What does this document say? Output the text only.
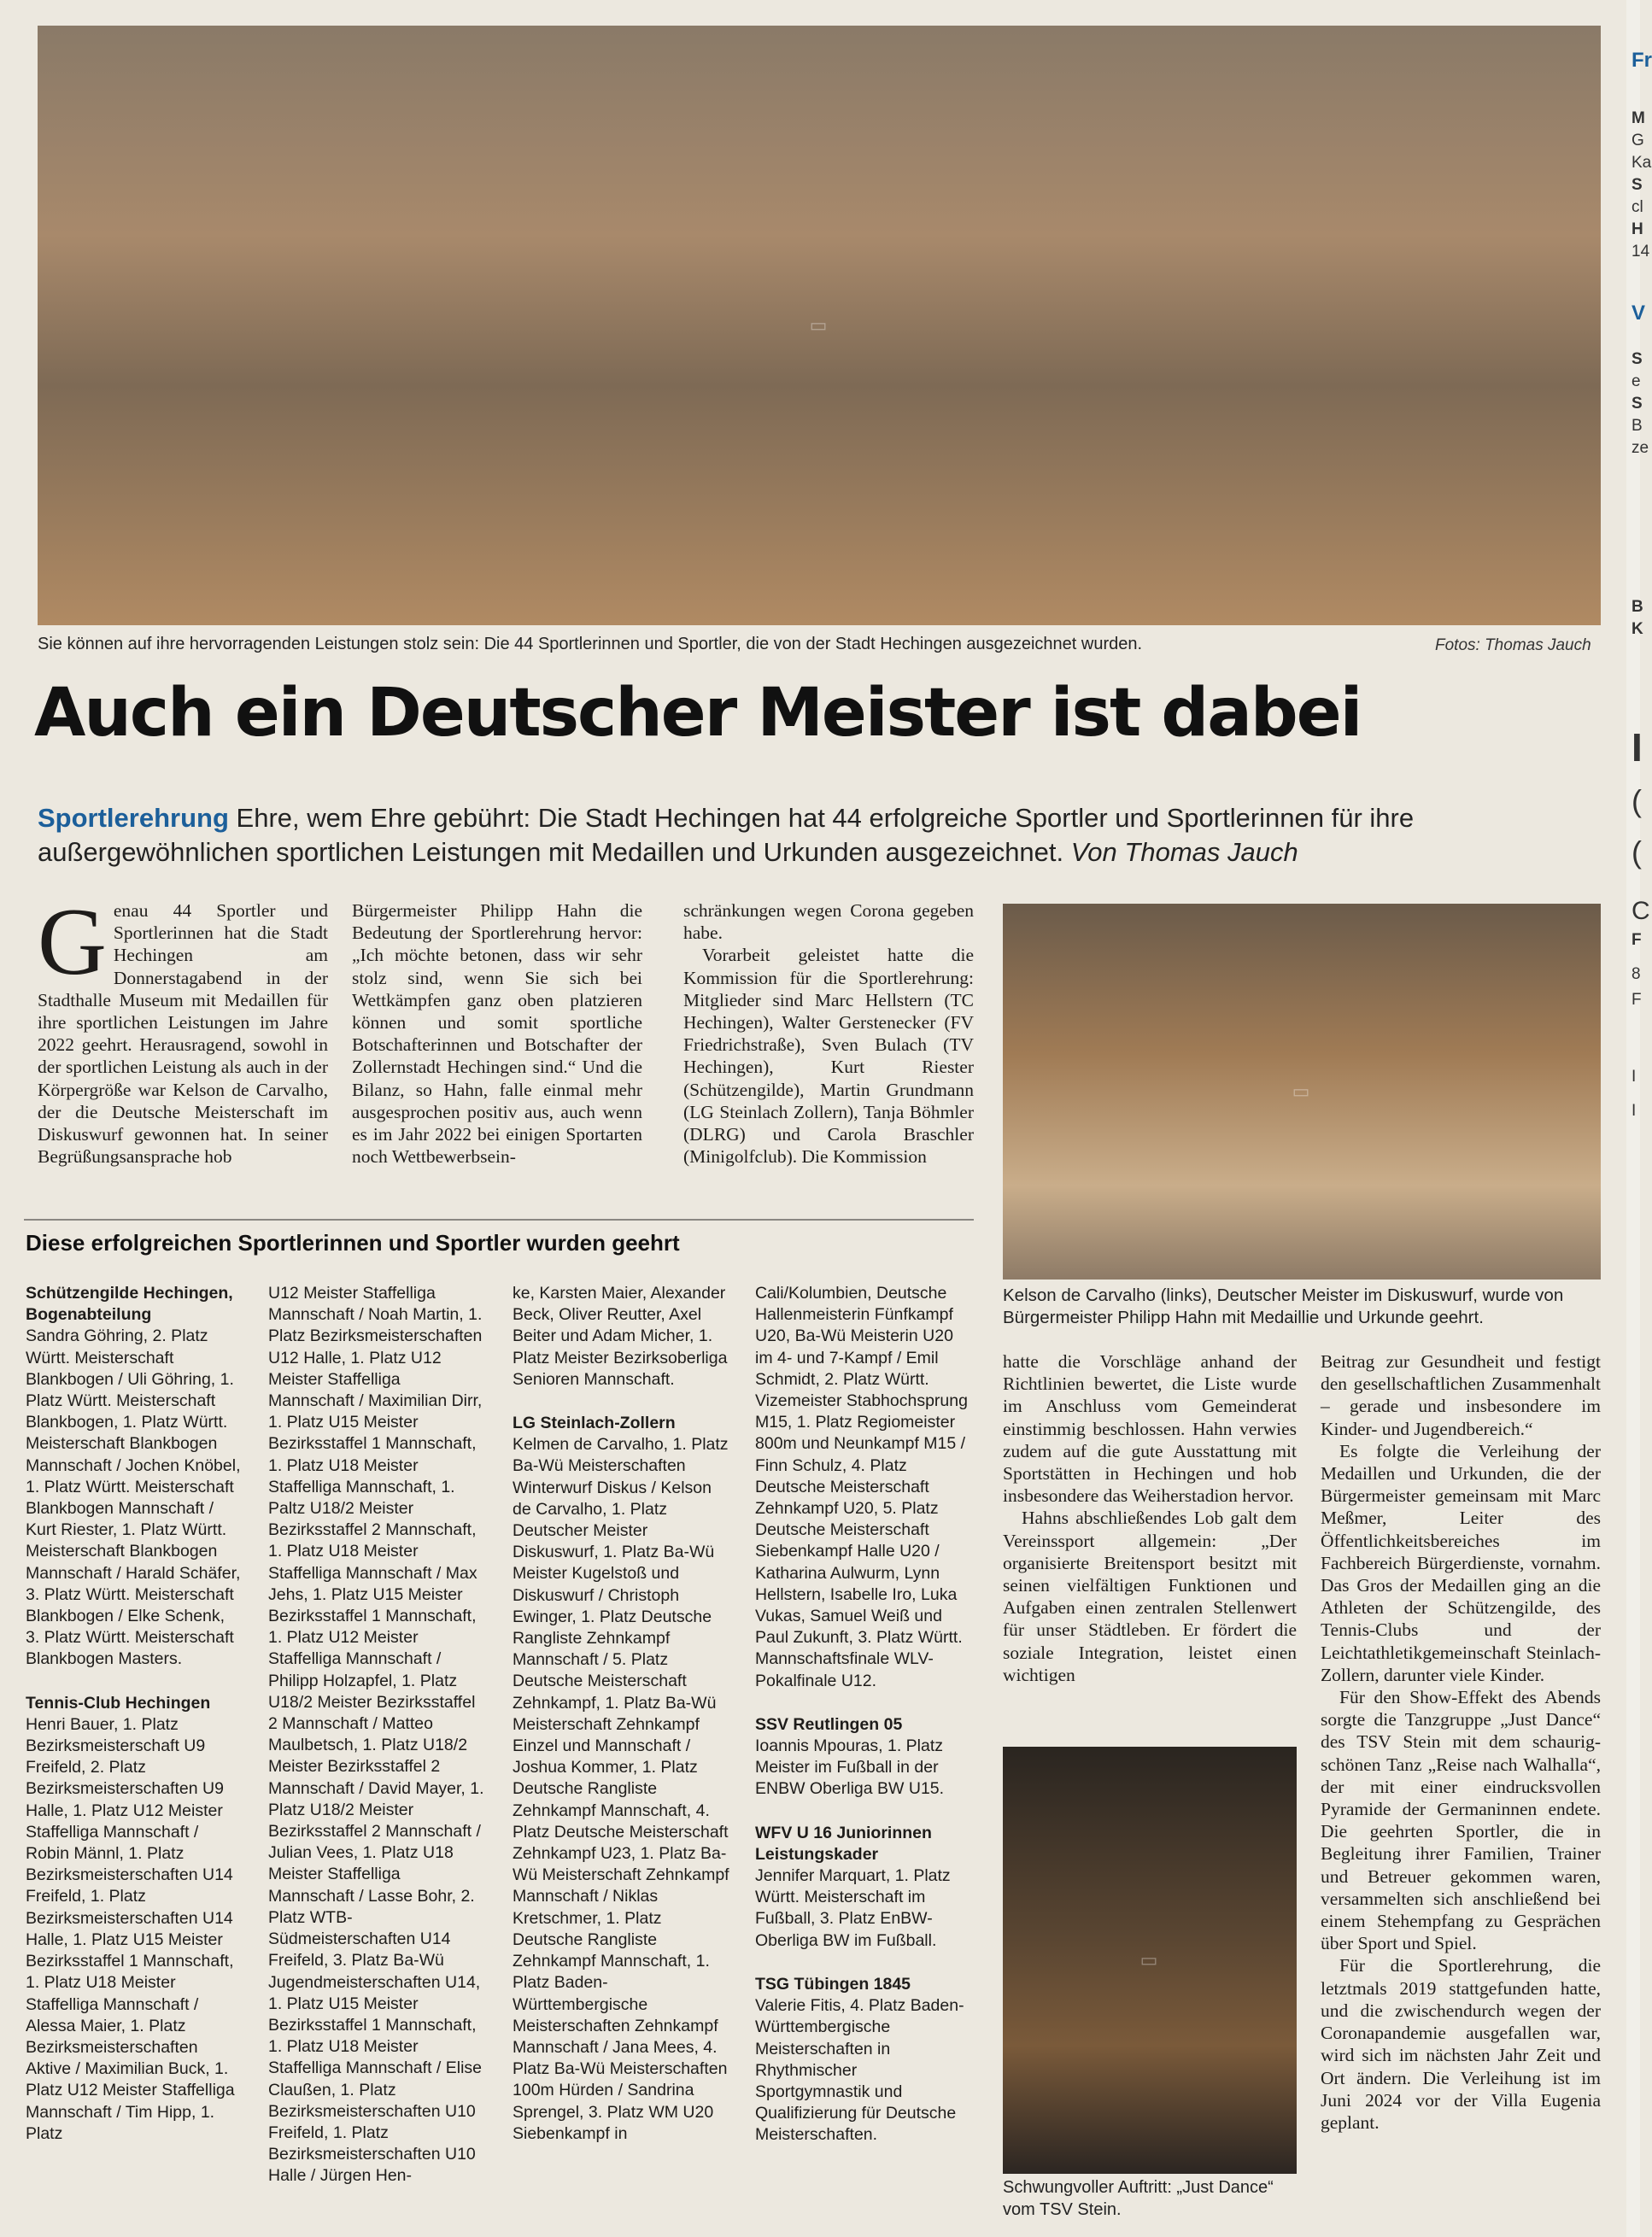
▭
Sie können auf ihre hervorragenden Leistungen stolz sein: Die 44 Sportlerinnen und Sportler, die von der Stadt Hechingen ausgezeichnet wurden.	Fotos: Thomas Jauch
Auch ein Deutscher Meister ist dabei
Sportlerehrung Ehre, wem Ehre gebührt: Die Stadt Hechingen hat 44 erfolgreiche Sportler und Sportlerinnen für ihre außergewöhnlichen sportlichen Leistungen mit Medaillen und Urkunden ausgezeichnet. Von Thomas Jauch

Genau 44 Sportler und Sportlerinnen hat die Stadt Hechingen am Donnerstagabend in der Stadthalle Museum mit Medaillen für ihre sportlichen Leistungen im Jahre 2022 geehrt. Herausragend, sowohl in der sportlichen Leistung als auch in der Körpergröße war Kelson de Carvalho, der die Deutsche Meisterschaft im Diskuswurf gewonnen hat. In seiner Begrüßungsansprache hob

Bürgermeister Philipp Hahn die Bedeutung der Sportlerehrung hervor: „Ich möchte betonen, dass wir sehr stolz sind, wenn Sie sich bei Wettkämpfen ganz oben platzieren können und somit sportliche Botschafterinnen und Botschafter der Zollernstadt Hechingen sind.“ Und die Bilanz, so Hahn, falle einmal mehr ausgesprochen positiv aus, auch wenn es im Jahr 2022 bei einigen Sportarten noch Wettbewerbsein-

schränkungen wegen Corona gegeben habe.

Vorarbeit geleistet hatte die Kommission für die Sportlerehrung: Mitglieder sind Marc Hellstern (TC Hechingen), Walter Gerstenecker (FV Friedrichstraße), Sven Bulach (TV Hechingen), Kurt Riester (Schützengilde), Martin Grundmann (LG Steinlach Zollern), Tanja Böhmler (DLRG) und Carola Braschler (Minigolfclub). Die Kommission

▭
Kelson de Carvalho (links), Deutscher Meister im Diskuswurf, wurde von Bürgermeister Philipp Hahn mit Medaillie und Urkunde geehrt.
Diese erfolgreichen Sportlerinnen und Sportler wurden geehrt
Schützengilde Hechingen, Bogenabteilung
Sandra Göhring, 2. Platz Württ. Meisterschaft Blankbogen / Uli Göhring, 1. Platz Württ. Meisterschaft Blankbogen, 1. Platz Württ. Meisterschaft Blankbogen Mannschaft / Jochen Knöbel, 1. Platz Württ. Meisterschaft Blankbogen Mannschaft / Kurt Riester, 1. Platz Württ. Meisterschaft Blankbogen Mannschaft / Harald Schäfer, 3. Platz Württ. Meisterschaft Blankbogen / Elke Schenk, 3. Platz Württ. Meisterschaft Blankbogen Masters.
Tennis-Club Hechingen
Henri Bauer, 1. Platz Bezirksmeisterschaft U9 Freifeld, 2. Platz Bezirksmeisterschaften U9 Halle, 1. Platz U12 Meister Staffelliga Mannschaft / Robin Männl, 1. Platz Bezirksmeisterschaften U14 Freifeld, 1. Platz Bezirksmeisterschaften U14 Halle, 1. Platz U15 Meister Bezirksstaffel 1 Mannschaft, 1. Platz U18 Meister Staffelliga Mannschaft / Alessa Maier, 1. Platz Bezirksmeisterschaften Aktive / Maximilian Buck, 1. Platz U12 Meister Staffelliga Mannschaft / Tim Hipp, 1. Platz
U12 Meister Staffelliga Mannschaft / Noah Martin, 1. Platz Bezirksmeisterschaften U12 Halle, 1. Platz U12 Meister Staffelliga Mannschaft / Maximilian Dirr, 1. Platz U15 Meister Bezirksstaffel 1 Mannschaft, 1. Platz U18 Meister Staffelliga Mannschaft, 1. Paltz U18/2 Meister Bezirksstaffel 2 Mannschaft, 1. Platz U18 Meister Staffelliga Mannschaft / Max Jehs, 1. Platz U15 Meister Bezirksstaffel 1 Mannschaft, 1. Platz U12 Meister Staffelliga Mannschaft / Philipp Holzapfel, 1. Platz U18/2 Meister Bezirksstaffel 2 Mannschaft / Matteo Maulbetsch, 1. Platz U18/2 Meister Bezirksstaffel 2 Mannschaft / David Mayer, 1. Platz U18/2 Meister Bezirksstaffel 2 Mannschaft / Julian Vees, 1. Platz U18 Meister Staffelliga Mannschaft / Lasse Bohr, 2. Platz WTB-Südmeisterschaften U14 Freifeld, 3. Platz Ba-Wü Jugendmeisterschaften U14, 1. Platz U15 Meister Bezirksstaffel 1 Mannschaft, 1. Platz U18 Meister Staffelliga Mannschaft / Elise Claußen, 1. Platz Bezirksmeisterschaften U10 Freifeld, 1. Platz Bezirksmeisterschaften U10 Halle / Jürgen Hen-
ke, Karsten Maier, Alexander Beck, Oliver Reutter, Axel Beiter und Adam Micher, 1. Platz Meister Bezirksoberliga Senioren Mannschaft.
LG Steinlach-Zollern
Kelmen de Carvalho, 1. Platz Ba-Wü Meisterschaften Winterwurf Diskus / Kelson de Carvalho, 1. Platz Deutscher Meister Diskuswurf, 1. Platz Ba-Wü Meister Kugelstoß und Diskuswurf / Christoph Ewinger, 1. Platz Deutsche Rangliste Zehnkampf Mannschaft / 5. Platz Deutsche Meisterschaft Zehnkampf, 1. Platz Ba-Wü Meisterschaft Zehnkampf Einzel und Mannschaft / Joshua Kommer, 1. Platz Deutsche Rangliste Zehnkampf Mannschaft, 4. Platz Deutsche Meisterschaft Zehnkampf U23, 1. Platz Ba-Wü Meisterschaft Zehnkampf Mannschaft / Niklas Kretschmer, 1. Platz Deutsche Rangliste Zehnkampf Mannschaft, 1. Platz Baden-Württembergische Meisterschaften Zehnkampf Mannschaft / Jana Mees, 4. Platz Ba-Wü Meisterschaften 100m Hürden / Sandrina Sprengel, 3. Platz WM U20 Siebenkampf in
Cali/Kolumbien, Deutsche Hallenmeisterin Fünfkampf U20, Ba-Wü Meisterin U20 im 4- und 7-Kampf / Emil Schmidt, 2. Platz Württ. Vizemeister Stabhochsprung M15, 1. Platz Regiomeister 800m und Neunkampf M15 / Finn Schulz, 4. Platz Deutsche Meisterschaft Zehnkampf U20, 5. Platz Deutsche Meisterschaft Siebenkampf Halle U20 / Katharina Aulwurm, Lynn Hellstern, Isabelle Iro, Luka Vukas, Samuel Weiß und Paul Zukunft, 3. Platz Württ. Mannschaftsfinale WLV-Pokalfinale U12.
SSV Reutlingen 05
Ioannis Mpouras, 1. Platz Meister im Fußball in der ENBW Oberliga BW U15.
WFV U 16 Juniorinnen Leistungskader
Jennifer Marquart, 1. Platz Württ. Meisterschaft im Fußball, 3. Platz EnBW-Oberliga BW im Fußball.
TSG Tübingen 1845
Valerie Fitis, 4. Platz Baden-Württembergische Meisterschaften in Rhythmischer Sportgymnastik und Qualifizierung für Deutsche Meisterschaften.

hatte die Vorschläge anhand der Richtlinien bewertet, die Liste wurde im Anschluss vom Gemeinderat einstimmig beschlossen. Hahn verwies zudem auf die gute Ausstattung mit Sportstätten in Hechingen und hob insbesondere das Weiherstadion hervor.

Hahns abschließendes Lob galt dem Vereinssport allgemein: „Der organisierte Breitensport besitzt mit seinen vielfältigen Funktionen und Aufgaben einen zentralen Stellenwert für unser Städtleben. Er fördert die soziale Integration, leistet einen wichtigen

▭
Schwungvoller Auftritt: „Just Dance“ vom TSV Stein.

Beitrag zur Gesundheit und festigt den gesellschaftlichen Zusammenhalt – gerade und insbesondere im Kinder- und Jugendbereich.“

Es folgte die Verleihung der Medaillen und Urkunden, die der Bürgermeister gemeinsam mit Marc Meßmer, Leiter des Öffentlichkeitsbereiches im Fachbereich Bürgerdienste, vornahm. Das Gros der Medaillen ging an die Athleten der Schützengilde, des Tennis-Clubs und der Leichtathletikgemeinschaft Steinlach-Zollern, darunter viele Kinder.

Für den Show-Effekt des Abends sorgte die Tanzgruppe „Just Dance“ des TSV Stein mit dem schaurig-schönen Tanz „Reise nach Walhalla“, der mit einer eindrucksvollen Pyramide der Germaninnen endete. Die geehrten Sportler, die in Begleitung ihrer Familien, Trainer und Betreuer gekommen waren, versammelten sich anschließend bei einem Stehempfang zu Gesprächen über Sport und Spiel.

Für die Sportlerehrung, die letztmals 2019 stattgefunden hatte, und die zwischendurch wegen der Coronapandemie ausgefallen war, wird sich im nächsten Jahr Zeit und Ort ändern. Die Verleihung ist im Juni 2024 vor der Villa Eugenia geplant.

Fr
M
G
Ka
S
cl
H
14
V
S
e
S
B
ze
B
K
I
(
(
C
F
8
F
I
I
